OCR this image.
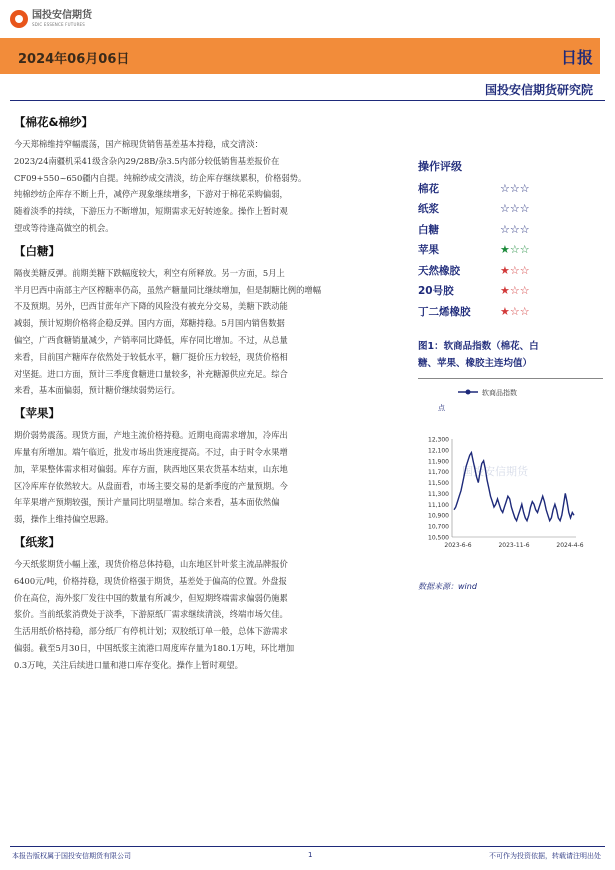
国投安信期货
SDIC ESSENCE FUTURES
2024年06月06日	日报
国投安信期货研究院
【棉花&棉纱】
今天郑棉维持窄幅震荡，国产棉现货销售基差基本持稳，成交清淡：
2023/24南疆机采41级含杂內29/28B/杂3.5内部分较低销售基差报价在
CF09+550~650疆内自提。纯棉纱成交清淡，纺企库存继续累积，价格弱势。
纯棉纱纺企库存不断上升，减停产现象继续增多，下游对于棉花采购偏弱，
随着淡季的持续，下游压力不断增加，短期需求无好转迹象。操作上暂时观
望或等待逢高做空的机会。
【白糖】
隔夜美糖反弹。前期美糖下跌幅度较大，利空有所释放。另一方面，5月上
半月巴西中南部主产区榨糖率仍高，虽然产糖量同比继续增加，但是制糖比例的增幅
不及预期。另外，巴西甘蔗年产下降的风险没有被充分交易，美糖下跌动能
减弱，预计短期价格将企稳反弹。国内方面，郑糖持稳。5月国内销售数据
偏空，广西食糖销量减少，产销率同比降低，库存同比增加。不过，从总量
来看，目前国产糖库存依然处于较低水平，糖厂挺价压力较轻，现货价格相
对坚挺。进口方面，预计三季度食糖进口量较多，补充糖源供应充足。综合
来看，基本面偏弱，预计糖价继续弱势运行。
【苹果】
期价弱势震荡。现货方面，产地主流价格持稳。近期电商需求增加，冷库出
库量有所增加。端午临近，批发市场出货速度提高。不过，由于时令水果增
加，苹果整体需求相对偏弱。库存方面，陕西地区果农货基本结束，山东地
区冷库库存依然较大。从盘面看，市场主要交易的是新季度的产量预期。今
年苹果增产预期较强，预计产量同比明显增加。综合来看，基本面依然偏
弱，操作上维持偏空思路。
【纸浆】
今天纸浆期货小幅上涨，现货价格总体持稳，山东地区针叶浆主流品牌报价
6400元/吨，价格持稳，现货价格强于期货，基差处于偏高的位置。外盘报
价在高位，海外浆厂发往中国的数量有所减少，但短期终端需求偏弱仍施累
浆价。当前纸浆消费处于淡季，下游原纸厂需求继续清淡，终端市场欠佳。
生活用纸价格持稳，部分纸厂有停机计划；双胶纸订单一般，总体下游需求
偏弱。截至5月30日，中国纸浆主流港口周度库存量为180.1万吨，环比增加
0.3万吨，关注后续进口量和港口库存变化。操作上暂时观望。
操作评级
棉花	☆☆☆
纸浆	☆☆☆
白糖	☆☆☆
苹果	★☆☆
天然橡胶	★☆☆
20号胶	★☆☆
丁二烯橡胶	★☆☆
图1：软商品指数（棉花、白
糖、苹果、橡胶主连均值）
软商品指数
点
国投安信期货
10,500
10,700
10,900
11,100
11,300
11,500
11,700
11,900
12,100
12,300
2023-6-6	2023-11-6	2024-4-6
数据来源：wind
本报告版权属于国投安信期货有限公司	1	不可作为投资依据，转载请注明出处
